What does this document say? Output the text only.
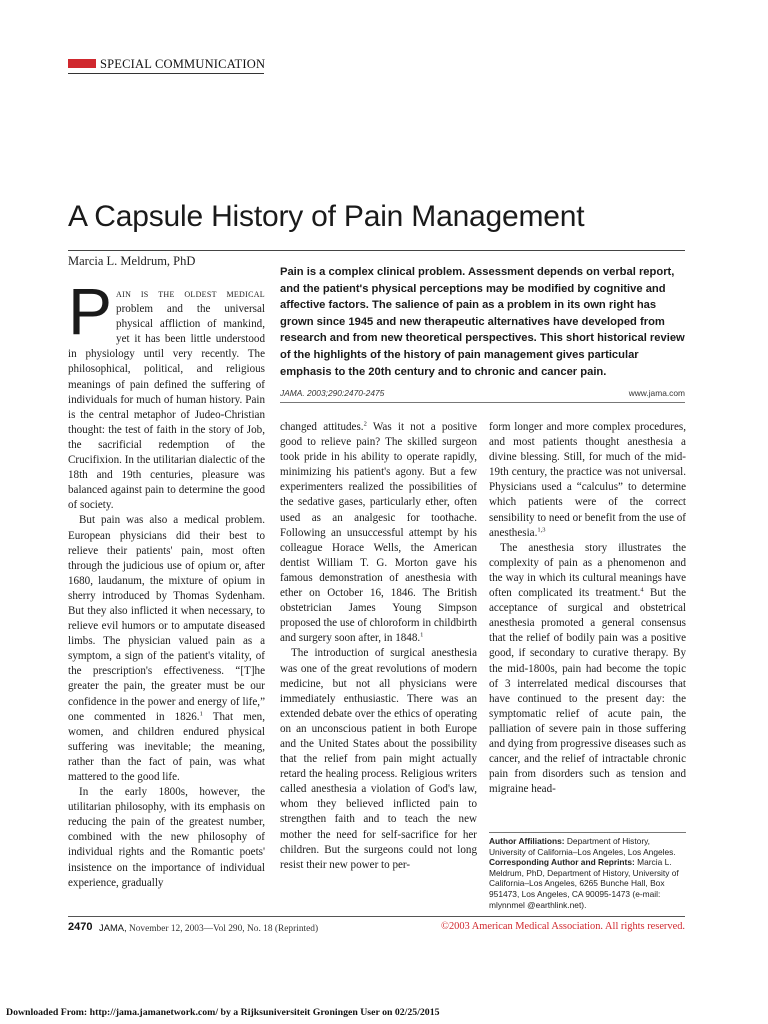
SPECIAL COMMUNICATION
A Capsule History of Pain Management
Marcia L. Meldrum, PhD
Pain is a complex clinical problem. Assessment depends on verbal report, and the patient's physical perceptions may be modified by cognitive and affective factors. The salience of pain as a problem in its own right has grown since 1945 and new therapeutic alternatives have developed from research and from new theoretical perspectives. This short historical review of the highlights of the history of pain management gives particular emphasis to the 20th century and to chronic and cancer pain.
JAMA. 2003;290:2470-2475	www.jama.com

Pain is the oldest medical problem and the universal physical affliction of mankind, yet it has been little understood in physiology until very recently. The philosophical, political, and religious meanings of pain defined the suffering of individuals for much of human history. Pain is the central metaphor of Judeo-Christian thought: the test of faith in the story of Job, the sacrificial redemption of the Crucifixion. In the utilitarian dialectic of the 18th and 19th centuries, pleasure was balanced against pain to determine the good of society.

But pain was also a medical problem. European physicians did their best to relieve their patients' pain, most often through the judicious use of opium or, after 1680, laudanum, the mixture of opium in sherry introduced by Thomas Sydenham. But they also inflicted it when necessary, to relieve evil humors or to amputate diseased limbs. The physician valued pain as a symptom, a sign of the patient's vitality, of the prescription's effectiveness. “[T]he greater the pain, the greater must be our confidence in the power and energy of life,” one commented in 1826.$^1$ That men, women, and children endured physical suffering was inevitable; the meaning, rather than the fact of pain, was what mattered to the good life.

In the early 1800s, however, the utilitarian philosophy, with its emphasis on reducing the pain of the greatest number, combined with the new philosophy of individual rights and the Romantic poets' insistence on the importance of individual experience, gradually

changed attitudes.$^2$ Was it not a positive good to relieve pain? The skilled surgeon took pride in his ability to operate rapidly, minimizing his patient's agony. But a few experimenters realized the possibilities of the sedative gases, particularly ether, often used as an analgesic for toothache. Following an unsuccessful attempt by his colleague Horace Wells, the American dentist William T. G. Morton gave his famous demonstration of anesthesia with ether on October 16, 1846. The British obstetrician James Young Simpson proposed the use of chloroform in childbirth and surgery soon after, in 1848.$^1$

The introduction of surgical anesthesia was one of the great revolutions of modern medicine, but not all physicians were immediately enthusiastic. There was an extended debate over the ethics of operating on an unconscious patient in both Europe and the United States about the possibility that the relief from pain might actually retard the healing process. Religious writers called anesthesia a violation of God's law, whom they believed inflicted pain to strengthen faith and to teach the new mother the need for self-sacrifice for her children. But the surgeons could not long resist their new power to per-

form longer and more complex procedures, and most patients thought anesthesia a divine blessing. Still, for much of the mid-19th century, the practice was not universal. Physicians used a “calculus” to determine which patients were of the correct sensibility to need or benefit from the use of anesthesia.$^{1,3}$

The anesthesia story illustrates the complexity of pain as a phenomenon and the way in which its cultural meanings have often complicated its treatment.$^4$ But the acceptance of surgical and obstetrical anesthesia promoted a general consensus that the relief of bodily pain was a positive good, if secondary to curative therapy. By the mid-1800s, pain had become the topic of 3 interrelated medical discourses that have continued to the present day: the symptomatic relief of acute pain, the palliation of severe pain in those suffering and dying from progressive diseases such as cancer, and the relief of intractable chronic pain from disorders such as tension and migraine head-

Author Affiliations: Department of History, University of California–Los Angeles, Los Angeles.
Corresponding Author and Reprints: Marcia L. Meldrum, PhD, Department of History, University of California–Los Angeles, 6265 Bunche Hall, Box 951473, Los Angeles, CA 90095-1473 (e-mail: mlynnmel @earthlink.net).
2470 JAMA, November 12, 2003—Vol 290, No. 18 (Reprinted)	©2003 American Medical Association. All rights reserved.
Downloaded From: http://jama.jamanetwork.com/ by a Rijksuniversiteit Groningen User on 02/25/2015
